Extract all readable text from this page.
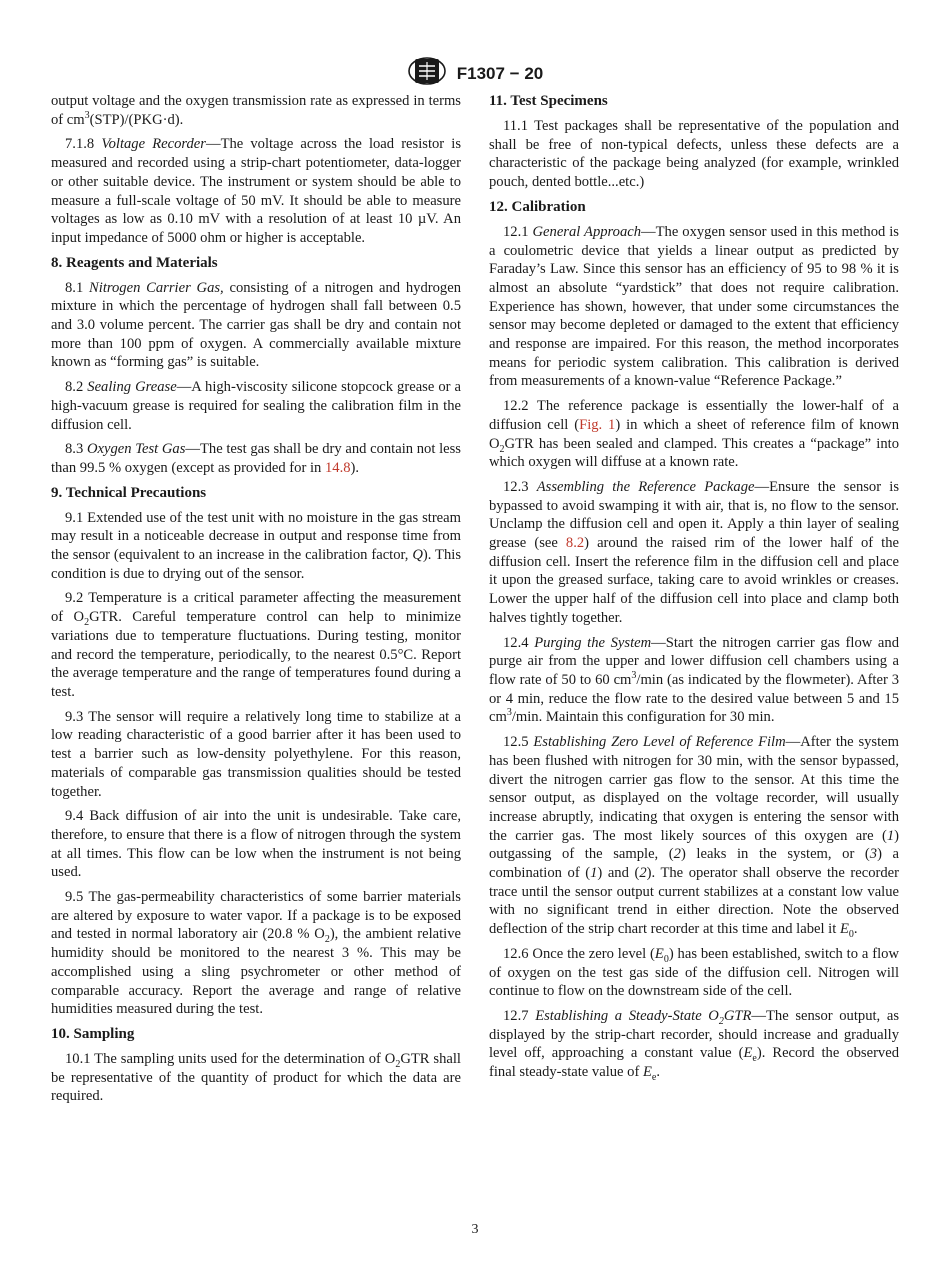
F1307 − 20

output voltage and the oxygen transmission rate as expressed in terms of $cm^3(STP)/(PKG\cdot d)$.

7.1.8 Voltage Recorder—The voltage across the load resistor is measured and recorded using a strip-chart potentiometer, data-logger or other suitable device. The instrument or system should be able to measure a full-scale voltage of 50 mV. It should be able to measure voltages as low as 0.10 mV with a resolution of at least 10 µV. An input impedance of 5000 ohm or higher is acceptable.

8. Reagents and Materials

8.1 Nitrogen Carrier Gas, consisting of a nitrogen and hydrogen mixture in which the percentage of hydrogen shall fall between 0.5 and 3.0 volume percent. The carrier gas shall be dry and contain not more than 100 ppm of oxygen. A commercially available mixture known as “forming gas” is suitable.

8.2 Sealing Grease—A high-viscosity silicone stopcock grease or a high-vacuum grease is required for sealing the calibration film in the diffusion cell.

8.3 Oxygen Test Gas—The test gas shall be dry and contain not less than 99.5 % oxygen (except as provided for in 14.8).

9. Technical Precautions

9.1 Extended use of the test unit with no moisture in the gas stream may result in a noticeable decrease in output and response time from the sensor (equivalent to an increase in the calibration factor, Q). This condition is due to drying out of the sensor.

9.2 Temperature is a critical parameter affecting the measurement of $O_2GTR$. Careful temperature control can help to minimize variations due to temperature fluctuations. During testing, monitor and record the temperature, periodically, to the nearest 0.5°C. Report the average temperature and the range of temperatures found during a test.

9.3 The sensor will require a relatively long time to stabilize at a low reading characteristic of a good barrier after it has been used to test a barrier such as low-density polyethylene. For this reason, materials of comparable gas transmission qualities should be tested together.

9.4 Back diffusion of air into the unit is undesirable. Take care, therefore, to ensure that there is a flow of nitrogen through the system at all times. This flow can be low when the instrument is not being used.

9.5 The gas-permeability characteristics of some barrier materials are altered by exposure to water vapor. If a package is to be exposed and tested in normal laboratory air (20.8 % $O_2$), the ambient relative humidity should be monitored to the nearest 3 %. This may be accomplished using a sling psychrometer or other method of comparable accuracy. Report the average and range of relative humidities measured during the test.

10. Sampling

10.1 The sampling units used for the determination of $O_2GTR$ shall be representative of the quantity of product for which the data are required.

11. Test Specimens

11.1 Test packages shall be representative of the population and shall be free of non-typical defects, unless these defects are a characteristic of the package being analyzed (for example, wrinkled pouch, dented bottle...etc.)

12. Calibration

12.1 General Approach—The oxygen sensor used in this method is a coulometric device that yields a linear output as predicted by Faraday’s Law. Since this sensor has an efficiency of 95 to 98 % it is almost an absolute “yardstick” that does not require calibration. Experience has shown, however, that under some circumstances the sensor may become depleted or damaged to the extent that efficiency and response are impaired. For this reason, the method incorporates means for periodic system calibration. This calibration is derived from measurements of a known-value “Reference Package.”

12.2 The reference package is essentially the lower-half of a diffusion cell (Fig. 1) in which a sheet of reference film of known $O_2GTR$ has been sealed and clamped. This creates a “package” into which oxygen will diffuse at a known rate.

12.3 Assembling the Reference Package—Ensure the sensor is bypassed to avoid swamping it with air, that is, no flow to the sensor. Unclamp the diffusion cell and open it. Apply a thin layer of sealing grease (see 8.2) around the raised rim of the lower half of the diffusion cell. Insert the reference film in the diffusion cell and place it upon the greased surface, taking care to avoid wrinkles or creases. Lower the upper half of the diffusion cell into place and clamp both halves tightly together.

12.4 Purging the System—Start the nitrogen carrier gas flow and purge air from the upper and lower diffusion cell chambers using a flow rate of 50 to 60 $cm^3/\min$ (as indicated by the flowmeter). After 3 or 4 min, reduce the flow rate to the desired value between 5 and 15 $cm^3/\min$. Maintain this configuration for 30 min.

12.5 Establishing Zero Level of Reference Film—After the system has been flushed with nitrogen for 30 min, with the sensor bypassed, divert the nitrogen carrier gas flow to the sensor. At this time the sensor output, as displayed on the voltage recorder, will usually increase abruptly, indicating that oxygen is entering the sensor with the carrier gas. The most likely sources of this oxygen are (1) outgassing of the sample, (2) leaks in the system, or (3) a combination of (1) and (2). The operator shall observe the recorder trace until the sensor output current stabilizes at a constant low value with no significant trend in either direction. Note the observed deflection of the strip chart recorder at this time and label it $E_0$.

12.6 Once the zero level $(E_0)$ has been established, switch to a flow of oxygen on the test gas side of the diffusion cell. Nitrogen will continue to flow on the downstream side of the cell.

12.7 Establishing a Steady-State $O_2GTR—The$ sensor output, as displayed by the strip-chart recorder, should increase and gradually level off, approaching a constant value $(E_e)$. Record the observed final steady-state value of $E_e$.

3
